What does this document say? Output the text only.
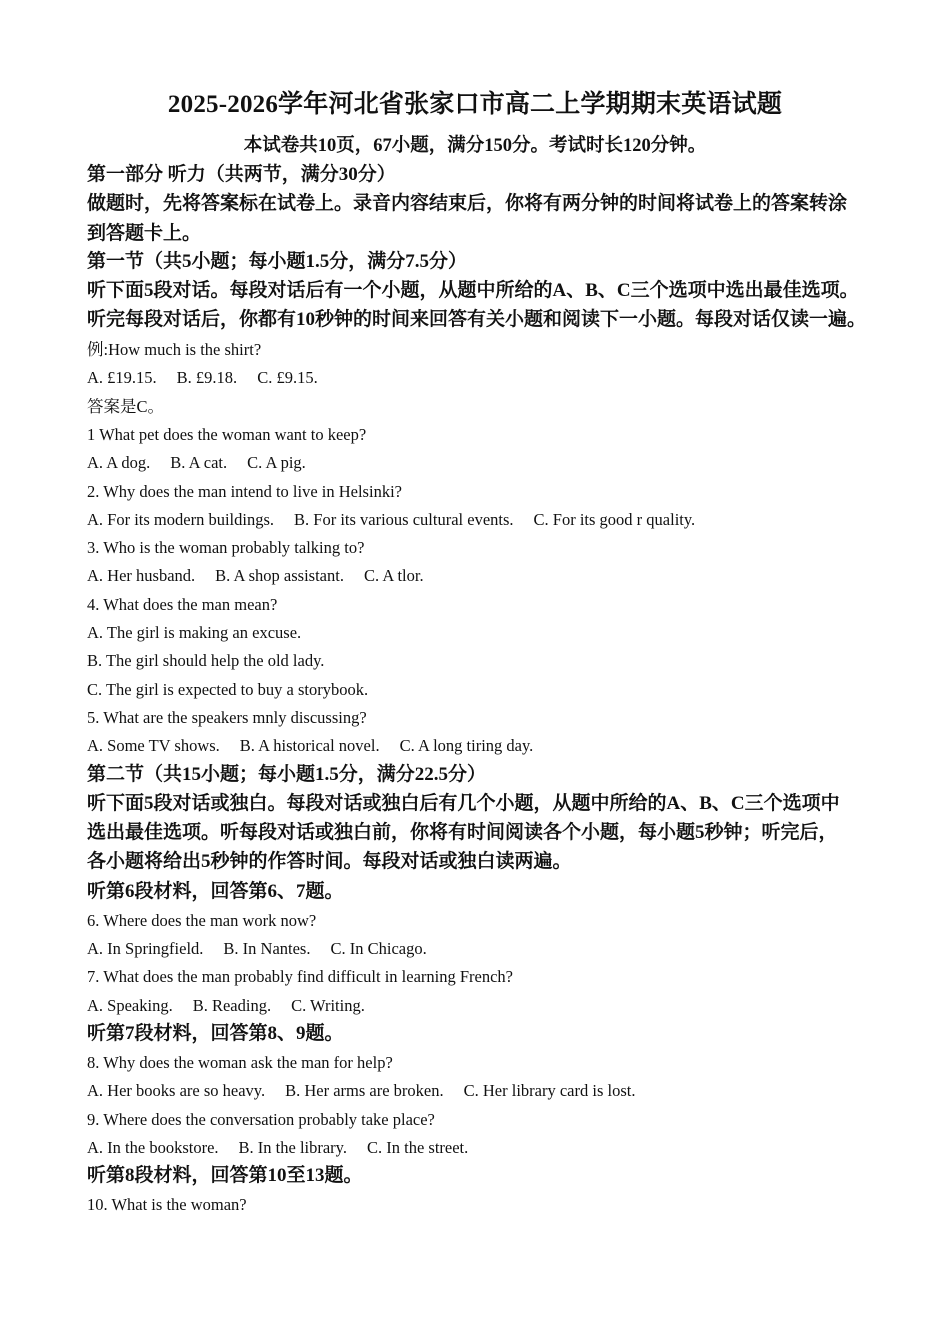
2025-2026学年河北省张家口市高二上学期期末英语试题
本试卷共10页，67小题，满分150分。考试时长120分钟。
第一部分 听力（共两节，满分30分）
做题时，先将答案标在试卷上。录音内容结束后，你将有两分钟的时间将试卷上的答案转涂
到答题卡上。
第一节（共5小题；每小题1.5分，满分7.5分）
听下面5段对话。每段对话后有一个小题，从题中所给的A、B、C三个选项中选出最佳选项。
听完每段对话后，你都有10秒钟的时间来回答有关小题和阅读下一小题。每段对话仅读一遍。
例:How much is the shirt?
A. £19.15. B. £9.18. C. £9.15.
答案是C。
1 What pet does the woman want to keep?
A. A dog. B. A cat. C. A pig.
2. Why does the man intend to live in Helsinki?
A. For its modern buildings. B. For its various cultural events. C. For its good r quality.
3. Who is the woman probably talking to?
A. Her husband. B. A shop assistant. C. A tlor.
4. What does the man mean?
A. The girl is making an excuse.
B. The girl should help the old lady.
C. The girl is expected to buy a storybook.
5. What are the speakers mnly discussing?
A. Some TV shows. B. A historical novel. C. A long tiring day.
第二节（共15小题；每小题1.5分，满分22.5分）
听下面5段对话或独白。每段对话或独白后有几个小题，从题中所给的A、B、C三个选项中
选出最佳选项。听每段对话或独白前，你将有时间阅读各个小题，每小题5秒钟；听完后，
各小题将给出5秒钟的作答时间。每段对话或独白读两遍。
听第6段材料，回答第6、7题。
6. Where does the man work now?
A. In Springfield. B. In Nantes. C. In Chicago.
7. What does the man probably find difficult in learning French?
A. Speaking. B. Reading. C. Writing.
听第7段材料，回答第8、9题。
8. Why does the woman ask the man for help?
A. Her books are so heavy. B. Her arms are broken. C. Her library card is lost.
9. Where does the conversation probably take place?
A. In the bookstore. B. In the library. C. In the street.
听第8段材料，回答第10至13题。
10. What is the woman?
